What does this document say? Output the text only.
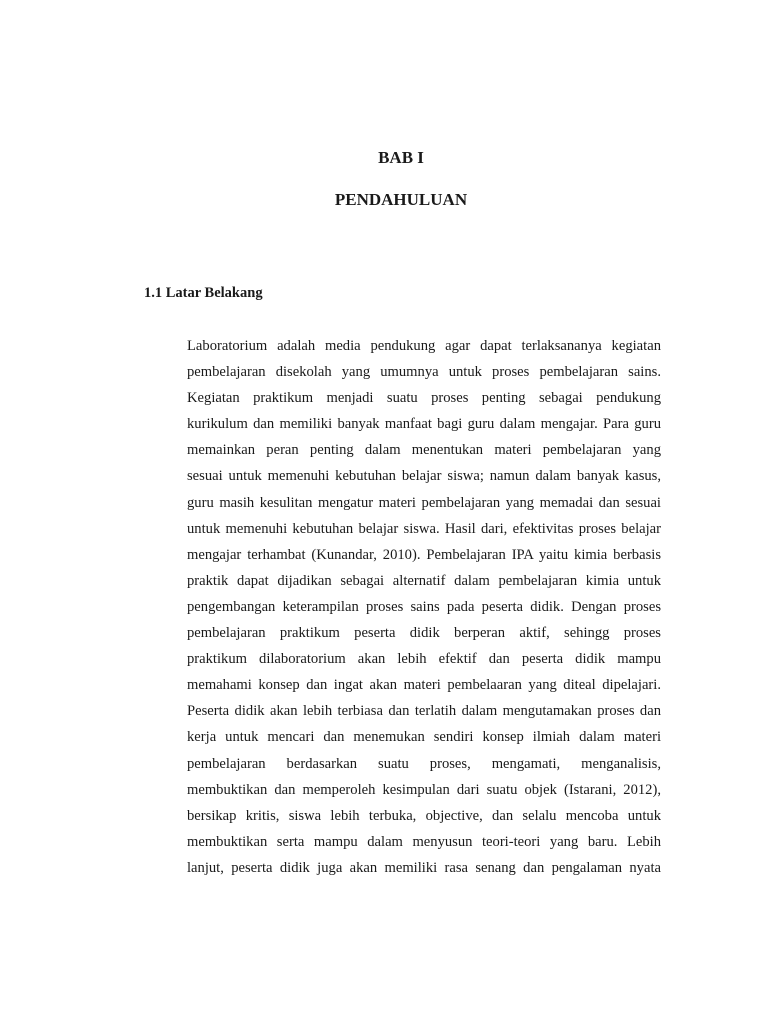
BAB I
PENDAHULUAN
1.1 Latar Belakang
Laboratorium adalah media pendukung agar dapat terlaksananya kegiatan
pembelajaran disekolah yang umumnya untuk proses pembelajaran sains.
Kegiatan praktikum menjadi suatu proses penting sebagai pendukung
kurikulum dan memiliki banyak manfaat bagi guru dalam mengajar. Para guru
memainkan peran penting dalam menentukan materi pembelajaran yang
sesuai untuk memenuhi kebutuhan belajar siswa; namun dalam banyak kasus,
guru masih kesulitan mengatur materi pembelajaran yang memadai dan sesuai
untuk memenuhi kebutuhan belajar siswa. Hasil dari, efektivitas proses belajar
mengajar terhambat (Kunandar, 2010). Pembelajaran IPA yaitu kimia berbasis
praktik dapat dijadikan sebagai alternatif dalam pembelajaran kimia untuk
pengembangan keterampilan proses sains pada peserta didik. Dengan proses
pembelajaran praktikum peserta didik berperan aktif, sehingg proses
praktikum dilaboratorium akan lebih efektif dan peserta didik mampu
memahami konsep dan ingat akan materi pembelaaran yang diteal dipelajari.
Peserta didik akan lebih terbiasa dan terlatih dalam mengutamakan proses dan
kerja untuk mencari dan menemukan sendiri konsep ilmiah dalam materi
pembelajaran berdasarkan suatu proses, mengamati, menganalisis,
membuktikan dan memperoleh kesimpulan dari suatu objek (Istarani, 2012),
bersikap kritis, siswa lebih terbuka, objective, dan selalu mencoba untuk
membuktikan serta mampu dalam menyusun teori-teori yang baru. Lebih
lanjut, peserta didik juga akan memiliki rasa senang dan pengalaman nyata
